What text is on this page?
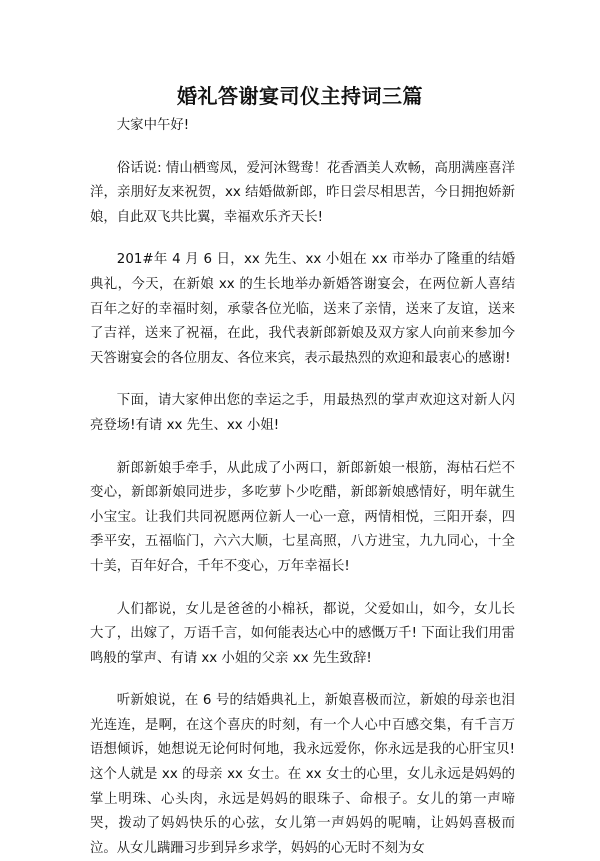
婚礼答谢宴司仪主持词三篇

大家中午好!

俗话说: 情山栖鸾凤，爱河沐鸳鸯！花香酒美人欢畅，高朋满座喜洋洋，亲朋好友来祝贺，xx 结婚做新郎，昨日尝尽相思苦，今日拥抱娇新娘，自此双飞共比翼，幸福欢乐齐天长!

201#年 4 月 6 日，xx 先生、xx 小姐在 xx 市举办了隆重的结婚典礼，今天，在新娘 xx 的生长地举办新婚答谢宴会，在两位新人喜结百年之好的幸福时刻，承蒙各位光临，送来了亲情，送来了友谊，送来了吉祥，送来了祝福，在此，我代表新郎新娘及双方家人向前来参加今天答谢宴会的各位朋友、各位来宾，表示最热烈的欢迎和最衷心的感谢!

下面，请大家伸出您的幸运之手，用最热烈的掌声欢迎这对新人闪亮登场!有请 xx 先生、xx 小姐!

新郎新娘手牵手，从此成了小两口，新郎新娘一根筋，海枯石烂不变心，新郎新娘同进步，多吃萝卜少吃醋，新郎新娘感情好，明年就生小宝宝。让我们共同祝愿两位新人一心一意，两情相悦，三阳开泰，四季平安，五福临门，六六大顺，七星高照，八方进宝，九九同心，十全十美，百年好合，千年不变心，万年幸福长!

人们都说，女儿是爸爸的小棉袄，都说，父爱如山，如今，女儿长大了，出嫁了，万语千言，如何能表达心中的感慨万千! 下面让我们用雷鸣般的掌声、有请 xx 小姐的父亲 xx 先生致辞!

听新娘说，在 6 号的结婚典礼上，新娘喜极而泣，新娘的母亲也泪光连连，是啊，在这个喜庆的时刻，有一个人心中百感交集，有千言万语想倾诉，她想说无论何时何地，我永远爱你，你永远是我的心肝宝贝! 这个人就是 xx 的母亲 xx 女士。在 xx 女士的心里，女儿永远是妈妈的掌上明珠、心头肉，永远是妈妈的眼珠子、命根子。女儿的第一声啼哭，拨动了妈妈快乐的心弦，女儿第一声妈妈的呢喃，让妈妈喜极而泣。从女儿蹒跚习步到异乡求学，妈妈的心无时不刻为女
